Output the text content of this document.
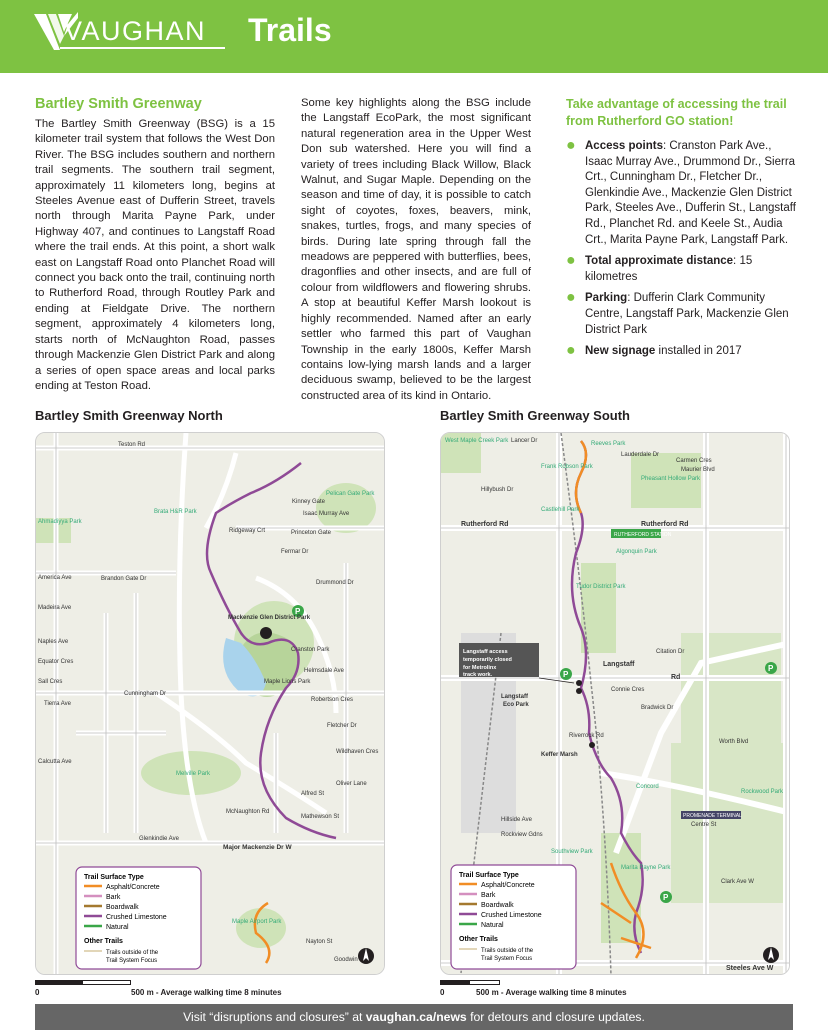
VAUGHAN Trails
Bartley Smith Greenway

The Bartley Smith Greenway (BSG) is a 15 kilometer trail system that follows the West Don River. The BSG includes southern and northern trail segments. The southern trail segment, approximately 11 kilometers long, begins at Steeles Avenue east of Dufferin Street, travels north through Marita Payne Park, under Highway 407, and continues to Langstaff Road where the trail ends. At this point, a short walk east on Langstaff Road onto Planchet Road will connect you back onto the trail, continuing north to Rutherford Road, through Routley Park and ending at Fieldgate Drive. The northern segment, approximately 4 kilometers long, starts north of McNaughton Road, passes through Mackenzie Glen District Park and along a series of open space areas and local parks ending at Teston Road.

Some key highlights along the BSG include the Langstaff EcoPark, the most significant natural regeneration area in the Upper West Don sub watershed. Here you will find a variety of trees including Black Willow, Black Walnut, and Sugar Maple. Depending on the season and time of day, it is possible to catch sight of coyotes, foxes, beavers, mink, snakes, turtles, frogs, and many species of birds. During late spring through fall the meadows are peppered with butterflies, bees, dragonflies and other insects, and are full of colour from wildflowers and flowering shrubs. A stop at beautiful Keffer Marsh lookout is highly recommended. Named after an early settler who farmed this part of Vaughan Township in the early 1800s, Keffer Marsh contains low-lying marsh lands and a larger deciduous swamp, believed to be the largest constructed area of its kind in Ontario.

Take advantage of accessing the trail from Rutherford GO station!
● Access points: Cranston Park Ave., Isaac Murray Ave., Drummond Dr., Sierra Crt., Cunningham Dr., Fletcher Dr., Glenkindie Ave., Mackenzie Glen District Park, Steeles Ave., Dufferin St., Langstaff Rd., Planchet Rd. and Keele St., Audia Crt., Marita Payne Park, Langstaff Park.
● Total approximate distance: 15 kilometres
● Parking: Dufferin Clark Community Centre, Langstaff Park, Mackenzie Glen District Park
● New signage installed in 2017
Bartley Smith Greenway North	Bartley Smith Greenway South
P
Teston Rd
Kinney Gate
Isaac Murray Ave
Ridgeway Crt	Princeton Gate
Fermar Dr
Drummond Dr
Mackenzie Glen District Park
Cranston Park
Maple Lions Park
Cunningham Dr
Helmsdale Ave
Robertson Cres
Fletcher Dr
Wildhaven Cres
Melville Park
Oliver Lane
McNaughton Rd
Alfred St
Mathewson St
Glenkindie Ave
Major Mackenzie Dr W
Ahmadiyya Park
America Ave	Brandon Gate Dr
Madeira Ave
Naples Ave
Equator Cres
Sall Cres
Tierra Ave
Calcutta Ave
Maple Airport Park
Nayton St
Goodwin
Brata H&R Park
Pelican Gate Park
Trail Surface Type
Asphalt/Concrete
Bark
Boardwalk
Crushed Limestone
Natural
Other Trails
Trails outside of the
Trail System Focus
0	500 m - Average walking time 8 minutes
P
P
P
Langstaff access
temporarily closed
for Metrolinx
track work.
West Maple Creek Park Lancer Dr	Reeves Park
Lauderdale Dr
Carmen Cres
Maurier Blvd
Pheasant Hollow Park
Frank Robson Park
Hillybush Dr
Castlehill Park
Rutherford Rd	Rutherford Rd
RUTHERFORD STATION
Algonquin Park
Tudor District Park
Citation Dr
Langstaff
Rd
Langstaff
Eco Park
Connie Cres
Bradwick Dr
Riverrock Rd
Keffer Marsh
Concord
Hillside Ave
Rockview Gdns
Southview Park
Marita Payne Park
Centre St
Clark Ave W
PROMENADE TERMINAL
Steeles Ave W
Worth Blvd
Rockwood Park
Trail Surface Type
Asphalt/Concrete
Bark
Boardwalk
Crushed Limestone
Natural
Other Trails
Trails outside of the
Trail System Focus
0	500 m - Average walking time 8 minutes
Visit “disruptions and closures” at vaughan.ca/news for detours and closure updates.
